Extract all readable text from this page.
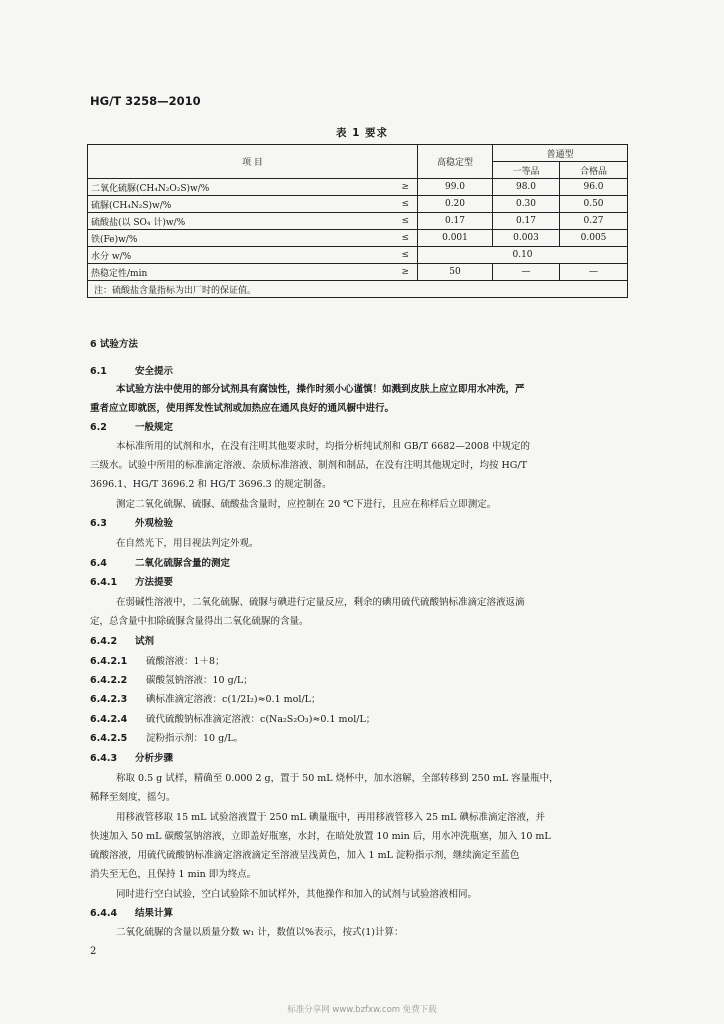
HG/T 3258—2010
表 1 要求
项 目		高稳定型	普通型	
			一等品	合格品
二氧化硫脲(CH₄N₂O₂S)w/%	≥	99.0	98.0	96.0
硫脲(CH₄N₂S)w/%	≤	0.20	0.30	0.50
硫酸盐(以 SO₄ 计)w/%	≤	0.17	0.17	0.27
铁(Fe)w/%	≤	0.001	0.003	0.005
水分 w/%	≤	0.10		
热稳定性/min	≥	50	—	—
注：硫酸盐含量指标为出厂时的保证值。				
6 试验方法
6.1	安全提示
本试验方法中使用的部分试剂具有腐蚀性，操作时须小心谨慎！如溅到皮肤上应立即用水冲洗，严
重者应立即就医，使用挥发性试剂或加热应在通风良好的通风橱中进行。
6.2	一般规定
本标准所用的试剂和水，在没有注明其他要求时，均指分析纯试剂和 GB/T 6682—2008 中规定的
三级水。试验中所用的标准滴定溶液、杂质标准溶液、制剂和制品，在没有注明其他规定时，均按 HG/T
3696.1、HG/T 3696.2 和 HG/T 3696.3 的规定制备。
测定二氧化硫脲、硫脲、硫酸盐含量时，应控制在 20 ℃下进行，且应在称样后立即测定。
6.3	外观检验
在自然光下，用目视法判定外观。
6.4	二氧化硫脲含量的测定
6.4.1 方法提要
在弱碱性溶液中，二氧化硫脲、硫脲与碘进行定量反应，剩余的碘用硫代硫酸钠标准滴定溶液返滴
定，总含量中扣除硫脲含量得出二氧化硫脲的含量。
6.4.2 试剂
6.4.2.1 硫酸溶液：1＋8；
6.4.2.2 碳酸氢钠溶液：10 g/L；
6.4.2.3 碘标准滴定溶液：c(1/2I₂)≈0.1 mol/L；
6.4.2.4 硫代硫酸钠标准滴定溶液：c(Na₂S₂O₃)≈0.1 mol/L；
6.4.2.5 淀粉指示剂：10 g/L。
6.4.3 分析步骤
称取 0.5 g 试样，精确至 0.000 2 g，置于 50 mL 烧杯中，加水溶解，全部转移到 250 mL 容量瓶中，
稀释至刻度，摇匀。
用移液管移取 15 mL 试验溶液置于 250 mL 碘量瓶中，再用移液管移入 25 mL 碘标准滴定溶液，并
快速加入 50 mL 碳酸氢钠溶液，立即盖好瓶塞，水封，在暗处放置 10 min 后，用水冲洗瓶塞，加入 10 mL
硫酸溶液，用硫代硫酸钠标准滴定溶液滴定至溶液呈浅黄色，加入 1 mL 淀粉指示剂，继续滴定至蓝色
消失至无色，且保持 1 min 即为终点。
同时进行空白试验，空白试验除不加试样外，其他操作和加入的试剂与试验溶液相同。
6.4.4 结果计算
二氧化硫脲的含量以质量分数 w₁ 计，数值以%表示，按式(1)计算：
2
标准分享网 www.bzfxw.com 免费下载
